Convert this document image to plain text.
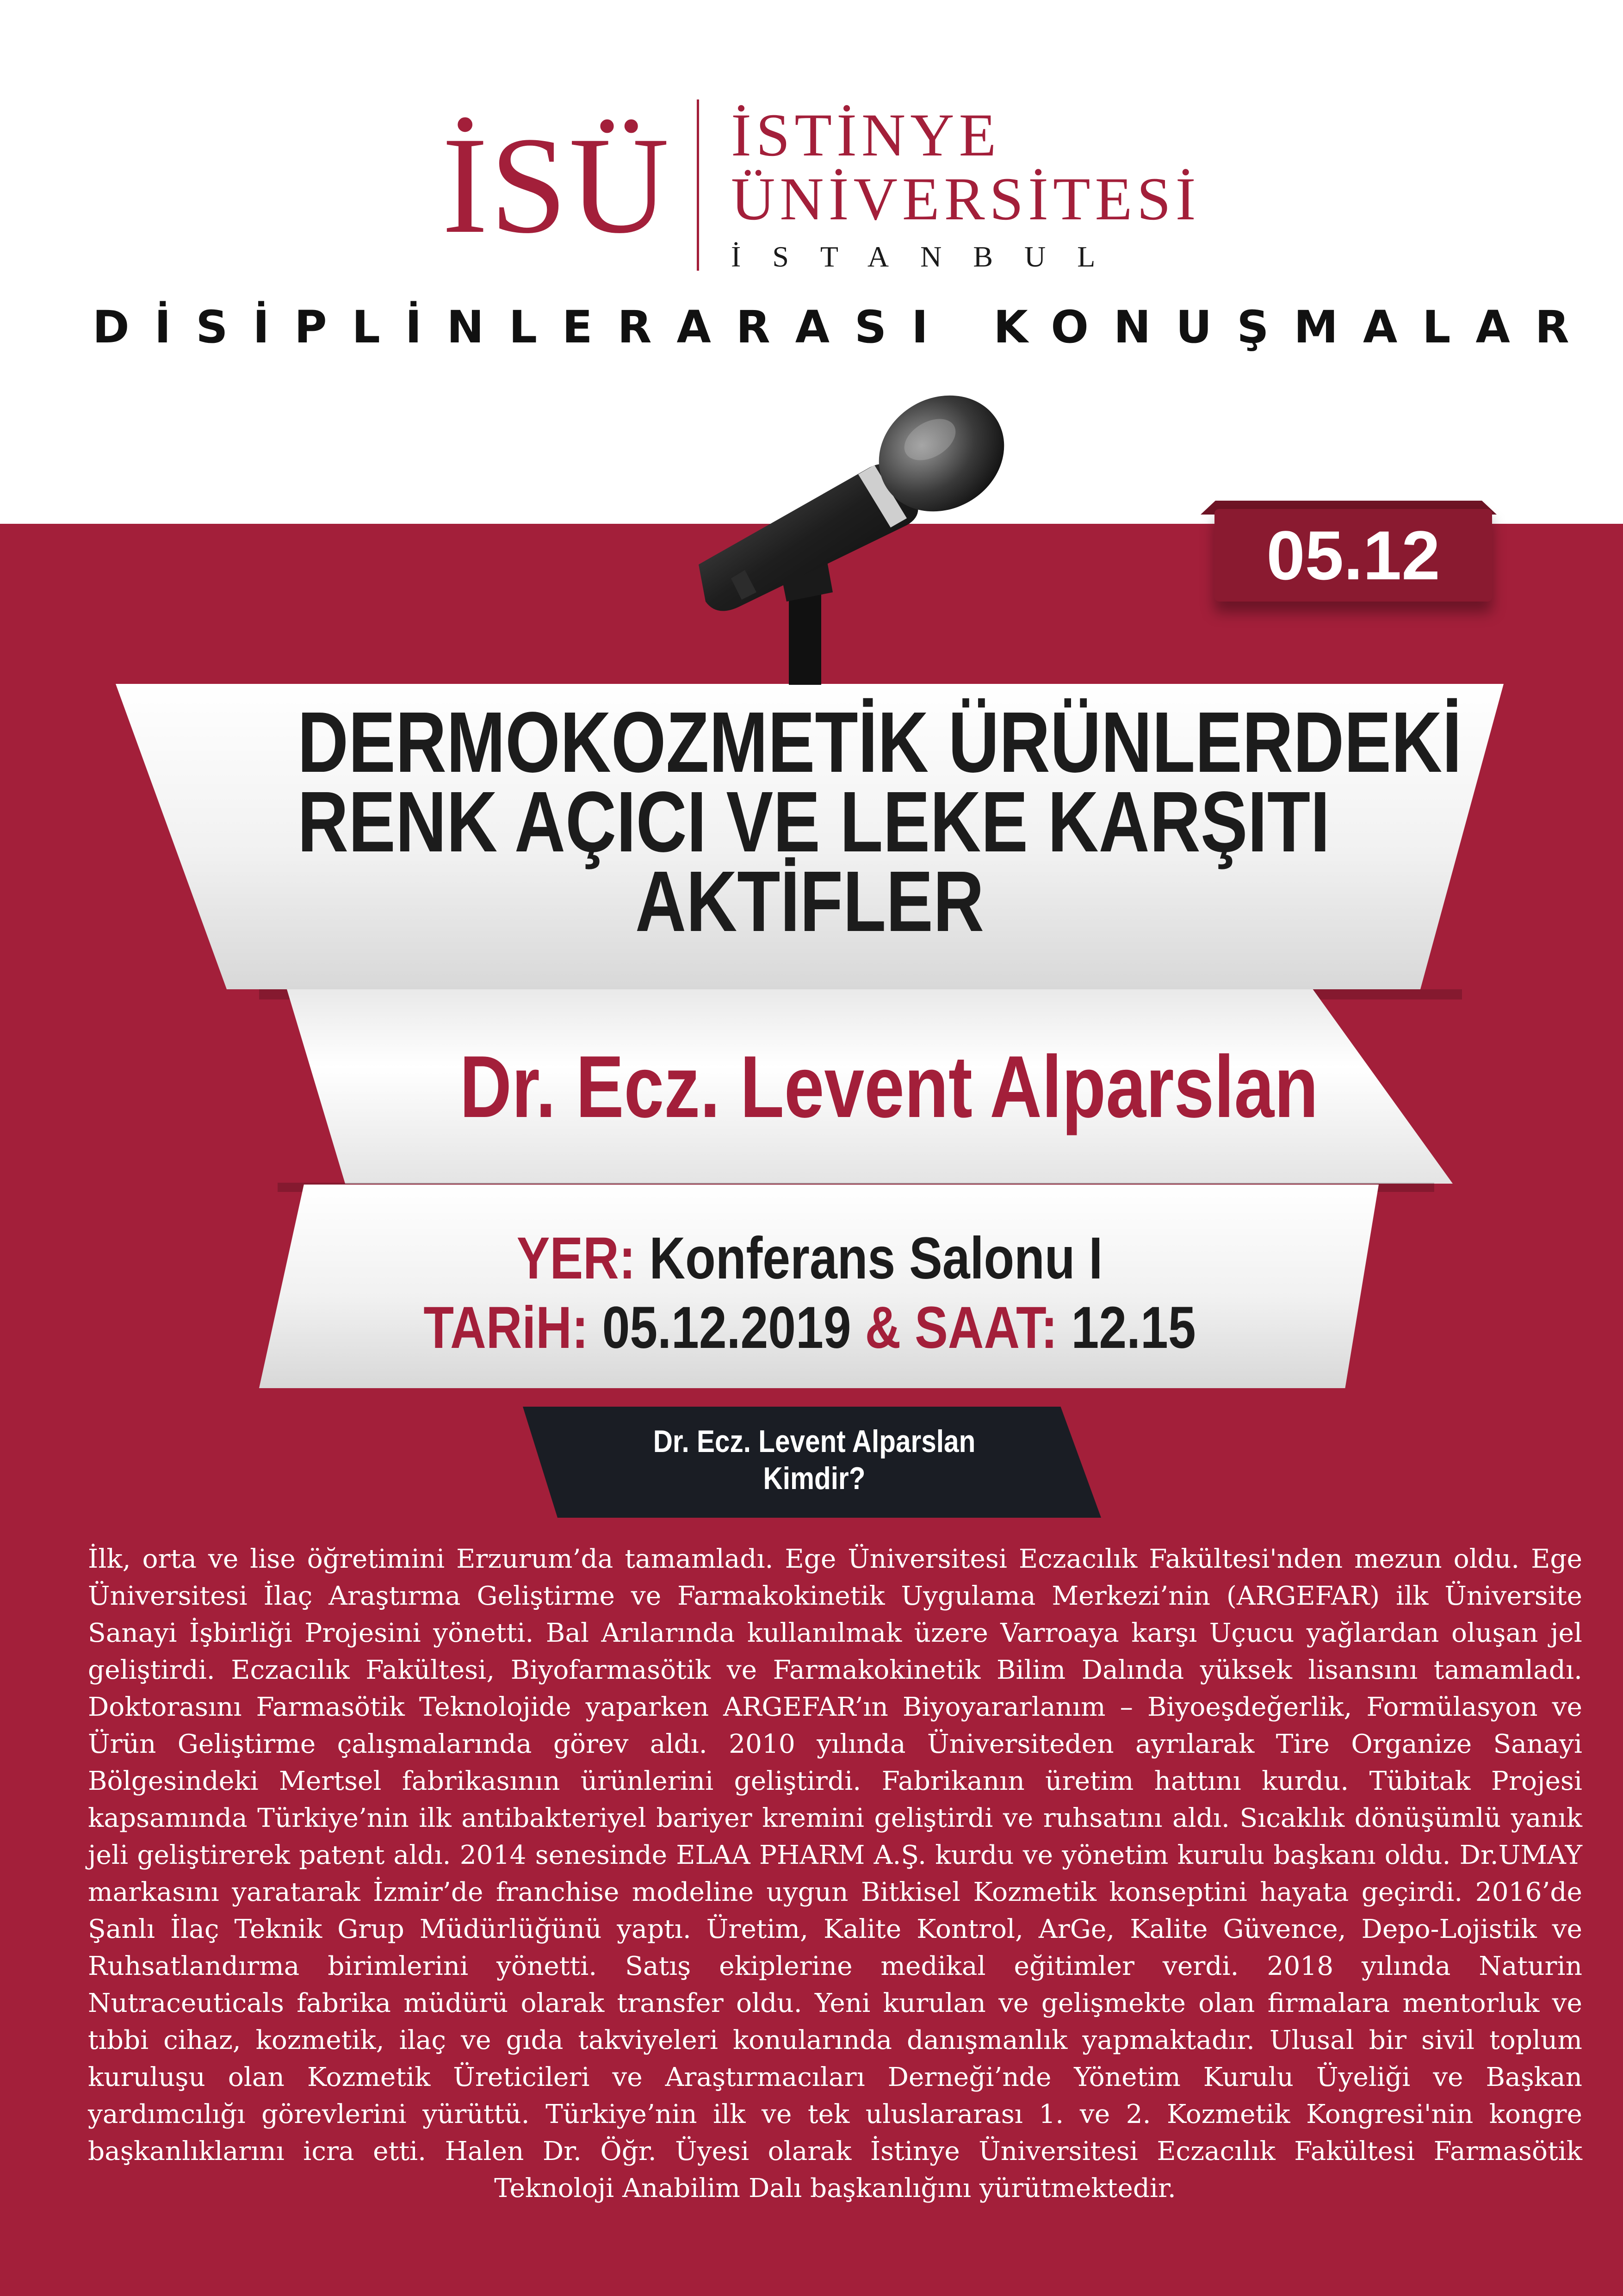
İSÜ İSTİNYE
ÜNİVERSİTESİ
İSTANBUL
DİSİPLİNLERARASI KONUŞMALAR
05.12
DERMOKOZMETİK ÜRÜNLERDEKİ
RENK AÇICI VE LEKE KARŞITI
AKTİFLER
Dr. Ecz. Levent Alparslan
YER: Konferans Salonu I
TARiH: 05.12.2019 & SAAT: 12.15
Dr. Ecz. Levent Alparslan
Kimdir?
İlk, orta ve lise öğretimini Erzurum’da tamamladı. Ege Üniversitesi Eczacılık Fakültesi'nden mezun oldu. Ege Üniversitesi İlaç Araştırma Geliştirme ve Farmakokinetik Uygulama Merkezi’nin (ARGEFAR) ilk Üniversite Sanayi İşbirliği Projesini yönetti. Bal Arılarında kullanılmak üzere Varroaya karşı Uçucu yağlardan oluşan jel geliştirdi. Eczacılık Fakültesi, Biyofarmasötik ve Farmakokinetik Bilim Dalında yüksek lisansını tamamladı. Doktorasını Farmasötik Teknolojide yaparken ARGEFAR’ın Biyoyararlanım – Biyoeşdeğerlik, Formülasyon ve Ürün Geliştirme çalışmalarında görev aldı. 2010 yılında Üniversiteden ayrılarak Tire Organize Sanayi Bölgesindeki Mertsel fabrikasının ürünlerini geliştirdi. Fabrikanın üretim hattını kurdu. Tübitak Projesi kapsamında Türkiye’nin ilk antibakteriyel bariyer kremini geliştirdi ve ruhsatını aldı. Sıcaklık dönüşümlü yanık jeli geliştirerek patent aldı. 2014 senesinde ELAA PHARM A.Ş. kurdu ve yönetim kurulu başkanı oldu. Dr.UMAY markasını yaratarak İzmir’de franchise modeline uygun Bitkisel Kozmetik konseptini hayata geçirdi. 2016’de Şanlı İlaç Teknik Grup Müdürlüğünü yaptı. Üretim, Kalite Kontrol, ArGe, Kalite Güvence, Depo-Lojistik ve Ruhsatlandırma birimlerini yönetti. Satış ekiplerine medikal eğitimler verdi. 2018 yılında Naturin Nutraceuticals fabrika müdürü olarak transfer oldu. Yeni kurulan ve gelişmekte olan firmalara mentorluk ve tıbbi cihaz, kozmetik, ilaç ve gıda takviyeleri konularında danışmanlık yapmaktadır. Ulusal bir sivil toplum kuruluşu olan Kozmetik Üreticileri ve Araştırmacıları Derneği’nde Yönetim Kurulu Üyeliği ve Başkan yardımcılığı görevlerini yürüttü. Türkiye’nin ilk ve tek uluslararası 1. ve 2. Kozmetik Kongresi'nin kongre başkanlıklarını icra etti. Halen Dr. Öğr. Üyesi olarak İstinye Üniversitesi Eczacılık Fakültesi Farmasötik Teknoloji Anabilim Dalı başkanlığını yürütmektedir.
